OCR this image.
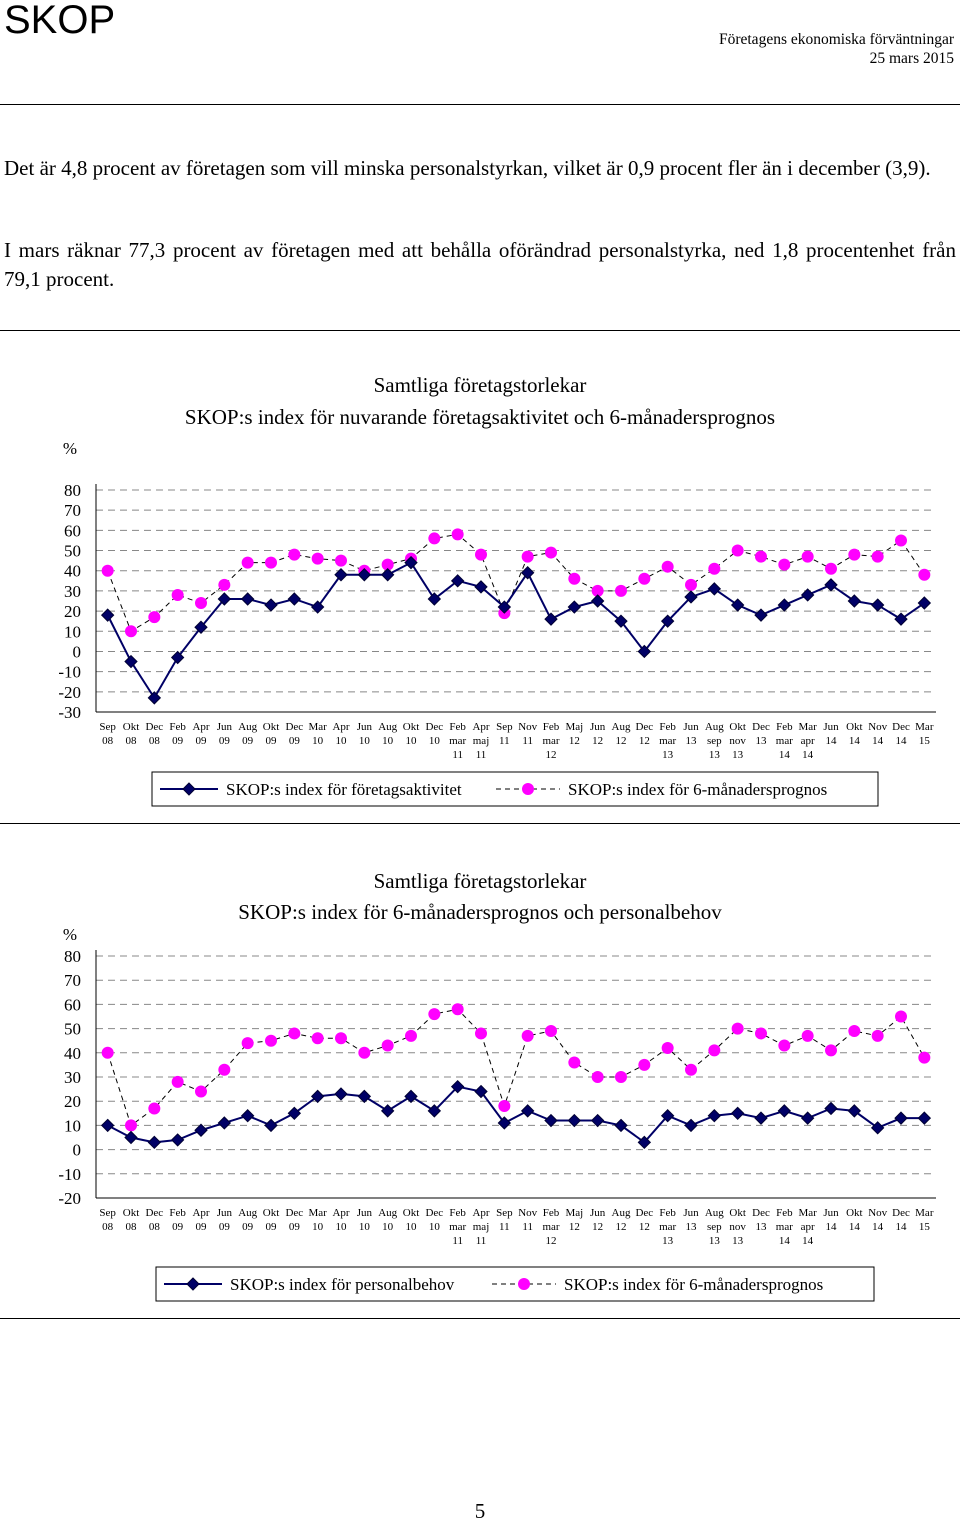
SKOP	Företagens ekonomiska förväntningar
25 mars 2015
Det är 4,8 procent av företagen som vill minska personalstyrkan, vilket är 0,9 procent fler än i december (3,9).
I mars räknar 77,3 procent av företagen med att behålla oförändrad personalstyrka, ned 1,8 procentenhet från 79,1 procent.
Samtliga företagstorlekar
SKOP:s index för nuvarande företagsaktivitet och 6-månadersprognos
%
80
70
60
50
40
30
20
10
0
-10
-20
-30
Sep
08
Okt
08
Dec
08
Feb
09
Apr
09
Jun
09
Aug
09
Okt
09
Dec
09
Mar
10
Apr
10
Jun
10
Aug
10
Okt
10
Dec
10
Feb
mar
11
Apr
maj
11
Sep
11
Nov
11
Feb
mar
12
Maj
12
Jun
12
Aug
12
Dec
12
Feb
mar
13
Jun
13
Aug
sep
13
Okt
nov
13
Dec
13
Feb
mar
14
Mar
apr
14
Jun
14
Okt
14
Nov
14
Dec
14
Mar
15
SKOP:s index för företagsaktivitet	SKOP:s index för 6-månadersprognos
Samtliga företagstorlekar
SKOP:s index för 6-månadersprognos och personalbehov
%
80
70
60
50
40
30
20
10
0
-10
-20
Sep
08
Okt
08
Dec
08
Feb
09
Apr
09
Jun
09
Aug
09
Okt
09
Dec
09
Mar
10
Apr
10
Jun
10
Aug
10
Okt
10
Dec
10
Feb
mar
11
Apr
maj
11
Sep
11
Nov
11
Feb
mar
12
Maj
12
Jun
12
Aug
12
Dec
12
Feb
mar
13
Jun
13
Aug
sep
13
Okt
nov
13
Dec
13
Feb
mar
14
Mar
apr
14
Jun
14
Okt
14
Nov
14
Dec
14
Mar
15
SKOP:s index för personalbehov	SKOP:s index för 6-månadersprognos
5
